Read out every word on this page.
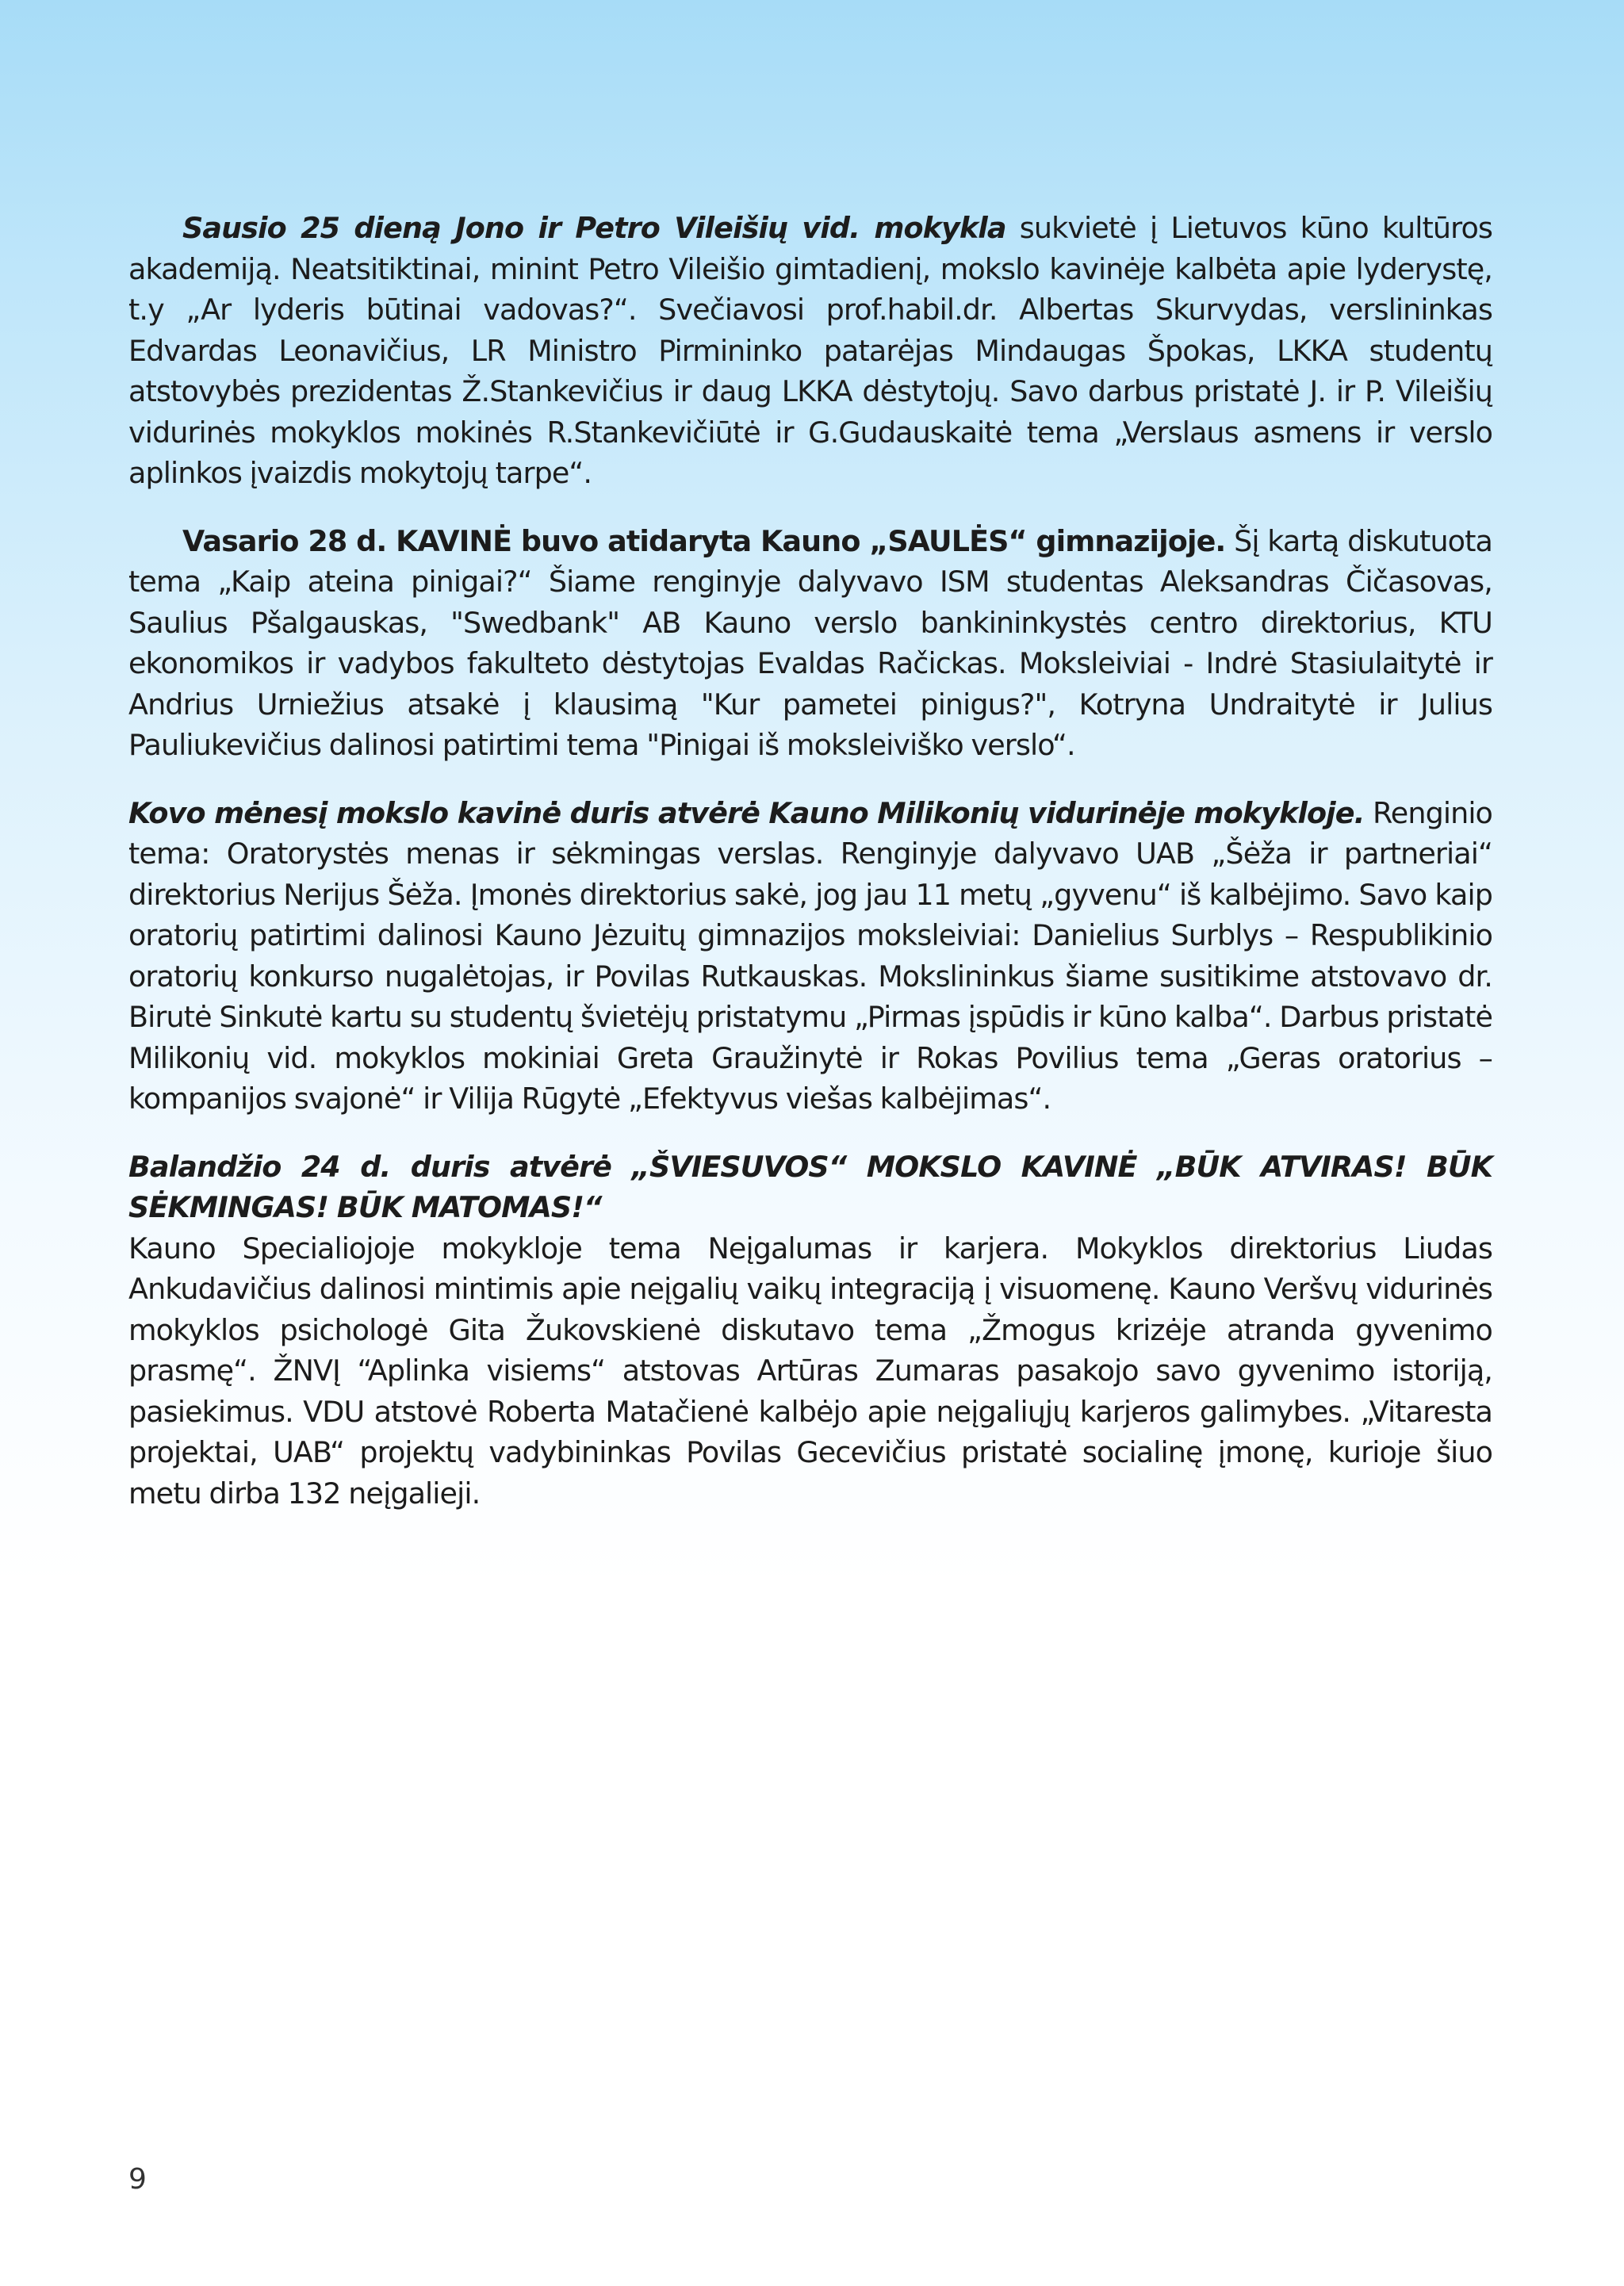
Sausio 25 dieną Jono ir Petro Vileišių vid. mokykla sukvietė į Lietuvos kūno kultūros akademiją. Neatsitiktinai, minint Petro Vileišio gimtadienį, mokslo kavinėje kalbėta apie lyderystę, t.y „Ar lyderis būtinai vadovas?“. Svečiavosi prof.habil.dr. Albertas Skurvydas, verslininkas Edvardas Leonavičius, LR Ministro Pirmininko patarėjas Mindaugas Špokas, LKKA studentų atstovybės prezidentas Ž.Stankevičius ir daug LKKA dėstytojų. Savo darbus pristatė J. ir P. Vileišių vidurinės mokyklos mokinės R.Stankevičiūtė ir G.Gudauskaitė tema „Verslaus asmens ir verslo aplinkos įvaizdis mokytojų tarpe“.

Vasario 28 d. KAVINĖ buvo atidaryta Kauno „SAULĖS“ gimnazijoje. Šį kartą diskutuota tema „Kaip ateina pinigai?“ Šiame renginyje dalyvavo ISM studentas Aleksandras Čičasovas, Saulius Pšalgauskas, "Swedbank" AB Kauno verslo bankininkystės centro direktorius, KTU ekonomikos ir vadybos fakulteto dėstytojas Evaldas Račickas. Moksleiviai - Indrė Stasiulaitytė ir Andrius Urniežius atsakė į klausimą "Kur pametei pinigus?", Kotryna Undraitytė ir Julius Pauliukevičius dalinosi patirtimi tema "Pinigai iš moksleiviško verslo“.

Kovo mėnesį mokslo kavinė duris atvėrė Kauno Milikonių vidurinėje mokykloje. Renginio tema: Oratorystės menas ir sėkmingas verslas. Renginyje dalyvavo UAB „Šėža ir partneriai“ direktorius Nerijus Šėža. Įmonės direktorius sakė, jog jau 11 metų „gyvenu“ iš kalbėjimo. Savo kaip oratorių patirtimi dalinosi Kauno Jėzuitų gimnazijos moksleiviai: Danielius Surblys – Respublikinio oratorių konkurso nugalėtojas, ir Povilas Rutkauskas. Mokslininkus šiame susitikime atstovavo dr. Birutė Sinkutė kartu su studentų švietėjų pristatymu „Pirmas įspūdis ir kūno kalba“. Darbus pristatė Milikonių vid. mokyklos mokiniai Greta Graužinytė ir Rokas Povilius tema „Geras oratorius – kompanijos svajonė“ ir Vilija Rūgytė „Efektyvus viešas kalbėjimas“.

Balandžio 24 d. duris atvėrė „ŠVIESUVOS“ MOKSLO KAVINĖ „BŪK ATVIRAS! BŪK SĖKMINGAS! BŪK MATOMAS!“
Kauno Specialiojoje mokykloje tema Neįgalumas ir karjera. Mokyklos direktorius Liudas Ankudavičius dalinosi mintimis apie neįgalių vaikų integraciją į visuomenę. Kauno Veršvų vidurinės mokyklos psichologė Gita Žukovskienė diskutavo tema „Žmogus krizėje atranda gyvenimo prasmę“. ŽNVĮ “Aplinka visiems“ atstovas Artūras Zumaras pasakojo savo gyvenimo istoriją, pasiekimus. VDU atstovė Roberta Matačienė kalbėjo apie neįgaliųjų karjeros galimybes. „Vitaresta projektai, UAB“ projektų vadybininkas Povilas Gecevičius pristatė socialinę įmonę, kurioje šiuo metu dirba 132 neįgalieji.

9
